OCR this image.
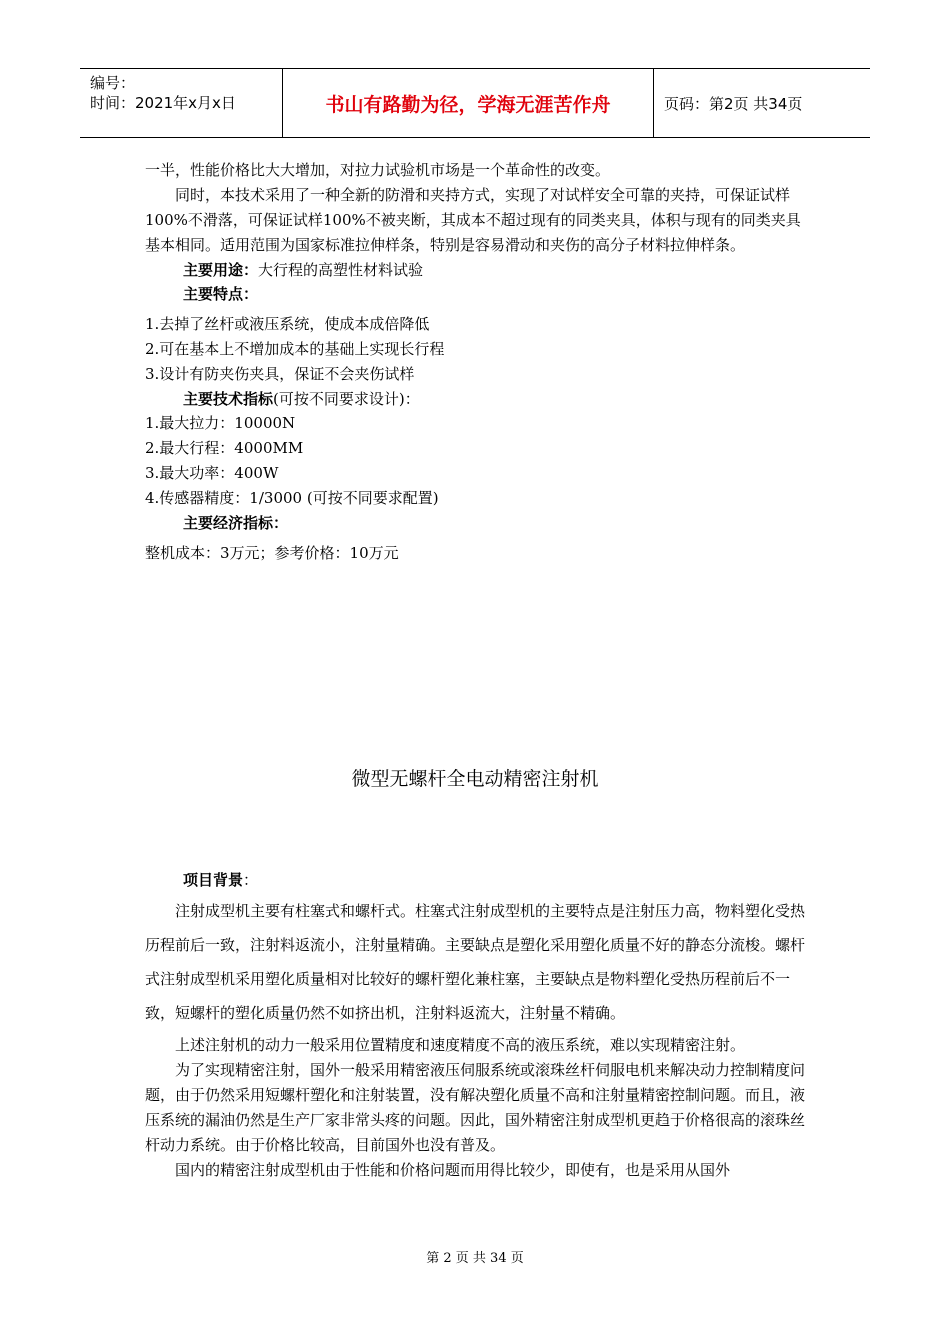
编号：
时间：2021年x月x日	书山有路勤为径，学海无涯苦作舟	页码：第2页 共34页

一半，性能价格比大大增加，对拉力试验机市场是一个革命性的改变。

同时，本技术采用了一种全新的防滑和夹持方式，实现了对试样安全可靠的夹持，可保证试样100%不滑落，可保证试样100%不被夹断，其成本不超过现有的同类夹具，体积与现有的同类夹具基本相同。适用范围为国家标准拉伸样条，特别是容易滑动和夹伤的高分子材料拉伸样条。

主要用途：大行程的高塑性材料试验
主要特点：
1.去掉了丝杆或液压系统，使成本成倍降低
2.可在基本上不增加成本的基础上实现长行程
3.设计有防夹伤夹具，保证不会夹伤试样
主要技术指标(可按不同要求设计)：
1.最大拉力：10000N
2.最大行程：4000MM
3.最大功率：400W
4.传感器精度：1/3000 (可按不同要求配置)
主要经济指标：
整机成本：3万元；参考价格：10万元
微型无螺杆全电动精密注射机
项目背景：

注射成型机主要有柱塞式和螺杆式。柱塞式注射成型机的主要特点是注射压力高，物料塑化受热历程前后一致，注射料返流小，注射量精确。主要缺点是塑化采用塑化质量不好的静态分流梭。螺杆式注射成型机采用塑化质量相对比较好的螺杆塑化兼柱塞，主要缺点是物料塑化受热历程前后不一致，短螺杆的塑化质量仍然不如挤出机，注射料返流大，注射量不精确。

上述注射机的动力一般采用位置精度和速度精度不高的液压系统，难以实现精密注射。

为了实现精密注射，国外一般采用精密液压伺服系统或滚珠丝杆伺服电机来解决动力控制精度问题，由于仍然采用短螺杆塑化和注射装置，没有解决塑化质量不高和注射量精密控制问题。而且，液压系统的漏油仍然是生产厂家非常头疼的问题。因此，国外精密注射成型机更趋于价格很高的滚珠丝杆动力系统。由于价格比较高，目前国外也没有普及。

国内的精密注射成型机由于性能和价格问题而用得比较少，即使有，也是采用从国外

第 2 页 共 34 页
